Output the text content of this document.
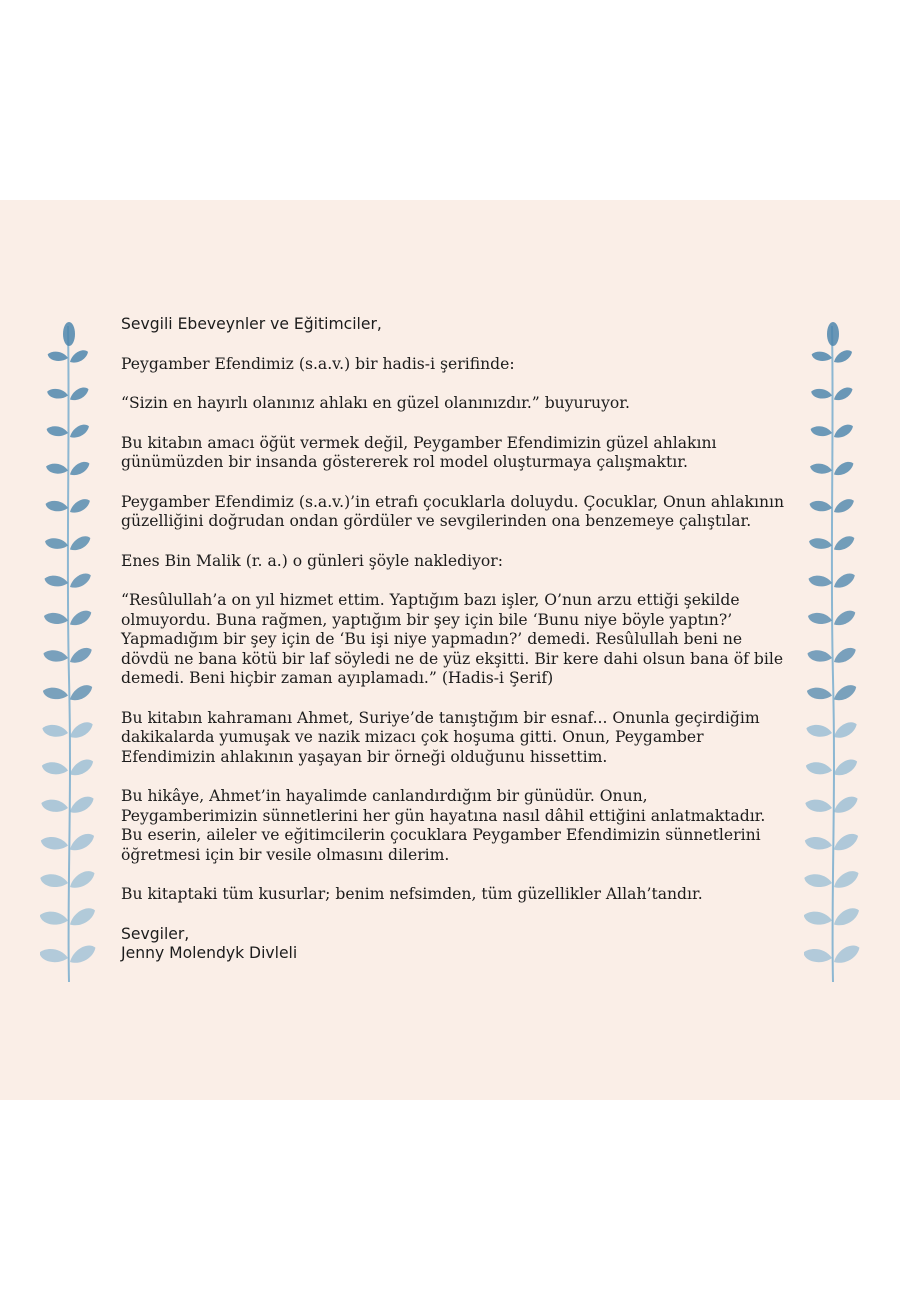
Sevgili Ebeveynler ve Eğitimciler,

Peygamber Efendimiz (s.a.v.) bir hadis-i şerifinde:

“Sizin en hayırlı olanınız ahlakı en güzel olanınızdır.” buyuruyor.

Bu kitabın amacı öğüt vermek değil, Peygamber Efendimizin güzel ahlakını günümüzden bir insanda göstererek rol model oluşturmaya çalışmaktır.

Peygamber Efendimiz (s.a.v.)’in etrafı çocuklarla doluydu. Çocuklar, Onun ahlakının güzelliğini doğrudan ondan gördüler ve sevgilerinden ona benzemeye çalıştılar.

Enes Bin Malik (r. a.) o günleri şöyle naklediyor:

“Resûlullah’a on yıl hizmet ettim. Yaptığım bazı işler, O’nun arzu ettiği şekilde olmuyordu. Buna rağmen, yaptığım bir şey için bile ‘Bunu niye böyle yaptın?’ Yapmadığım bir şey için de ‘Bu işi niye yapmadın?’ demedi. Resûlullah beni ne dövdü ne bana kötü bir laf söyledi ne de yüz ekşitti. Bir kere dahi olsun bana öf bile demedi. Beni hiçbir zaman ayıplamadı.” (Hadis-i Şerif)

Bu kitabın kahramanı Ahmet, Suriye’de tanıştığım bir esnaf... Onunla geçirdiğim dakikalarda yumuşak ve nazik mizacı çok hoşuma gitti. Onun, Peygamber Efendimizin ahlakının yaşayan bir örneği olduğunu hissettim.

Bu hikâye, Ahmet’in hayalimde canlandırdığım bir günüdür. Onun, Peygamberimizin sünnetlerini her gün hayatına nasıl dâhil ettiğini anlatmaktadır. Bu eserin, aileler ve eğitimcilerin çocuklara Peygamber Efendimizin sünnetlerini öğretmesi için bir vesile olmasını dilerim.

Bu kitaptaki tüm kusurlar; benim nefsimden, tüm güzellikler Allah’tandır.

Sevgiler,

Jenny Molendyk Divleli
